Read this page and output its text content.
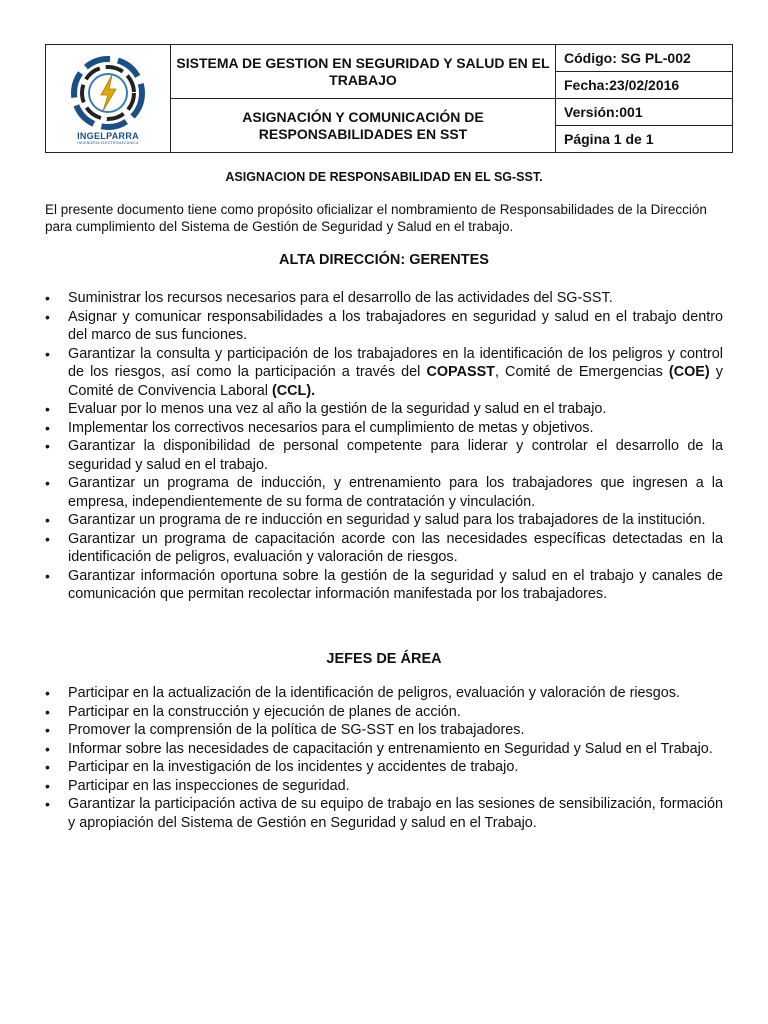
INGELPARRA
INGENIERIA ELECTROMECANICA	SISTEMA DE GESTION EN SEGURIDAD Y SALUD EN EL TRABAJO	Código: SG PL-002
		Fecha:23/02/2016
	ASIGNACIÓN Y COMUNICACIÓN DE RESPONSABILIDADES EN SST	Versión:001
		Página 1 de 1
ASIGNACION DE RESPONSABILIDAD EN EL SG-SST.
El presente documento tiene como propósito oficializar el nombramiento de Responsabilidades de la Dirección para cumplimiento del Sistema de Gestión de Seguridad y Salud en el trabajo.
ALTA DIRECCIÓN: GERENTES
• Suministrar los recursos necesarios para el desarrollo de las actividades del SG-SST.
• Asignar y comunicar responsabilidades a los trabajadores en seguridad y salud en el trabajo dentro del marco de sus funciones.
• Garantizar la consulta y participación de los trabajadores en la identificación de los peligros y control de los riesgos, así como la participación a través del COPASST, Comité de Emergencias (COE) y Comité de Convivencia Laboral (CCL).
• Evaluar por lo menos una vez al año la gestión de la seguridad y salud en el trabajo.
• Implementar los correctivos necesarios para el cumplimiento de metas y objetivos.
• Garantizar la disponibilidad de personal competente para liderar y controlar el desarrollo de la seguridad y salud en el trabajo.
• Garantizar un programa de inducción, y entrenamiento para los trabajadores que ingresen a la empresa, independientemente de su forma de contratación y vinculación.
• Garantizar un programa de re inducción en seguridad y salud para los trabajadores de la institución.
• Garantizar un programa de capacitación acorde con las necesidades específicas detectadas en la identificación de peligros, evaluación y valoración de riesgos.
• Garantizar información oportuna sobre la gestión de la seguridad y salud en el trabajo y canales de comunicación que permitan recolectar información manifestada por los trabajadores.
JEFES DE ÁREA
• Participar en la actualización de la identificación de peligros, evaluación y valoración de riesgos.
• Participar en la construcción y ejecución de planes de acción.
• Promover la comprensión de la política de SG-SST en los trabajadores.
• Informar sobre las necesidades de capacitación y entrenamiento en Seguridad y Salud en el Trabajo.
• Participar en la investigación de los incidentes y accidentes de trabajo.
• Participar en las inspecciones de seguridad.
• Garantizar la participación activa de su equipo de trabajo en las sesiones de sensibilización, formación y apropiación del Sistema de Gestión en Seguridad y salud en el Trabajo.
